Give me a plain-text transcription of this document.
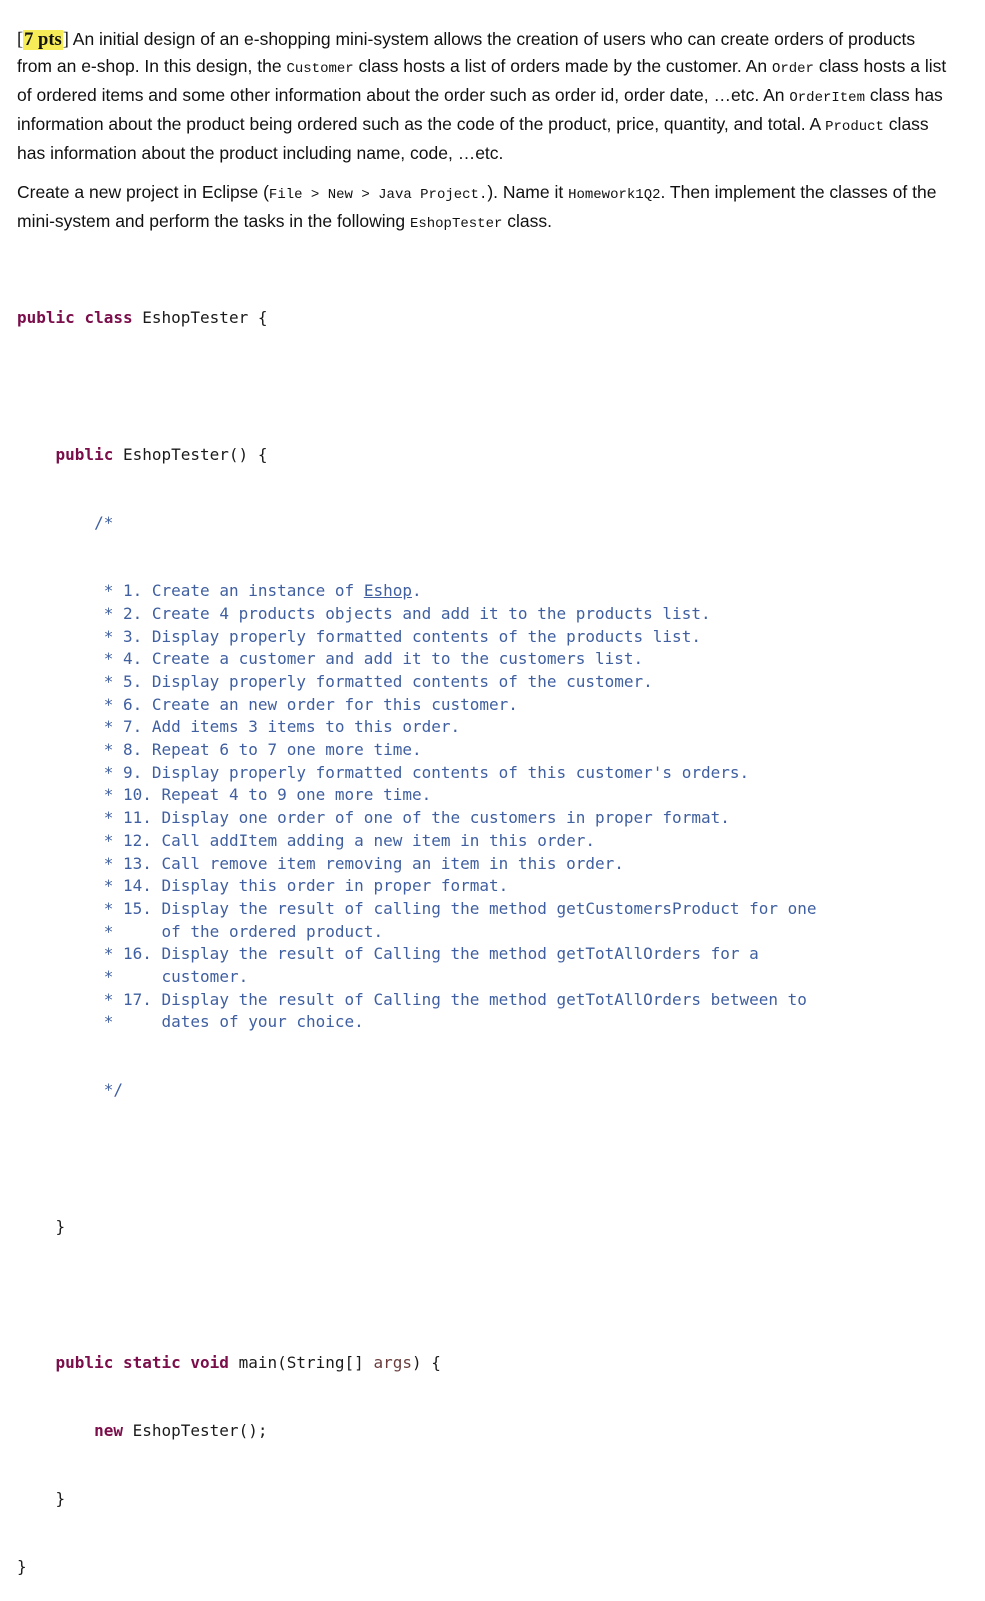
[7 pts] An initial design of an e-shopping mini-system allows the creation of users who can create orders of products from an e-shop. In this design, the Customer class hosts a list of orders made by the customer. An Order class hosts a list of ordered items and some other information about the order such as order id, order date, …etc. An OrderItem class has information about the product being ordered such as the code of the product, price, quantity, and total. A Product class has information about the product including name, code, …etc.

Create a new project in Eclipse (File > New > Java Project.). Name it Homework1Q2. Then implement the classes of the mini-system and perform the tasks in the following EshopTester class.

public class EshopTester {

public EshopTester() {

/*

* 1. Create an instance of Eshop.
* 2. Create 4 products objects and add it to the products list.
* 3. Display properly formatted contents of the products list.
* 4. Create a customer and add it to the customers list.
* 5. Display properly formatted contents of the customer.
* 6. Create an new order for this customer.
* 7. Add items 3 items to this order.
* 8. Repeat 6 to 7 one more time.
* 9. Display properly formatted contents of this customer's orders.
* 10. Repeat 4 to 9 one more time.
* 11. Display one order of one of the customers in proper format.
* 12. Call addItem adding a new item in this order.
* 13. Call remove item removing an item in this order.
* 14. Display this order in proper format.
* 15. Display the result of calling the method getCustomersProduct for one
*     of the ordered product.
* 16. Display the result of Calling the method getTotAllOrders for a
*     customer.
* 17. Display the result of Calling the method getTotAllOrders between to
*     dates of your choice.

*/

}

public static void main(String[] args) {

new EshopTester();

}

}
